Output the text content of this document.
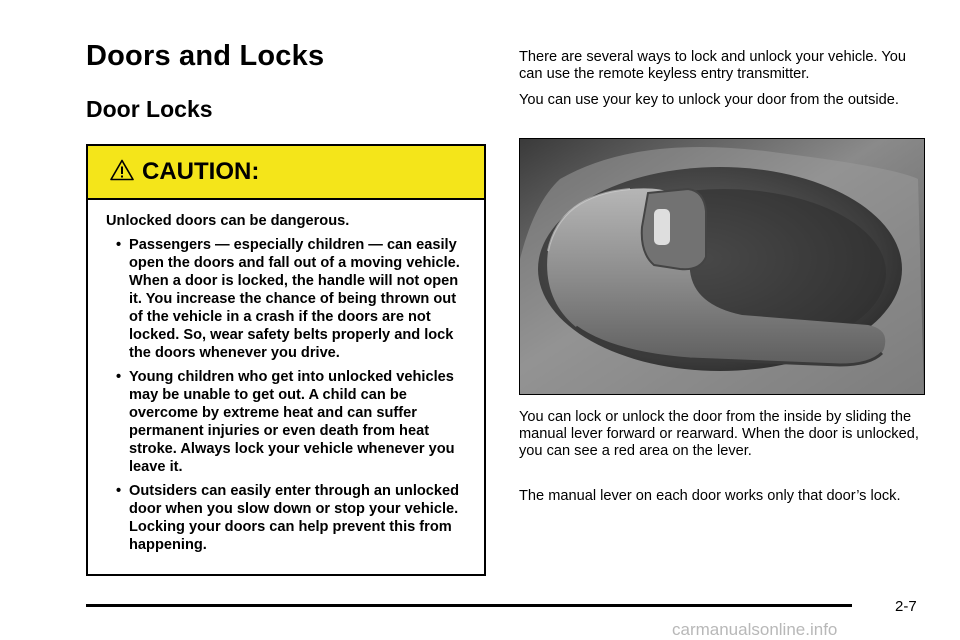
Doors and Locks
Door Locks
CAUTION:

Unlocked doors can be dangerous.

• Passengers — especially children — can easily open the doors and fall out of a moving vehicle. When a door is locked, the handle will not open it. You increase the chance of being thrown out of the vehicle in a crash if the doors are not locked. So, wear safety belts properly and lock the doors whenever you drive.
• Young children who get into unlocked vehicles may be unable to get out. A child can be overcome by extreme heat and can suffer permanent injuries or even death from heat stroke. Always lock your vehicle whenever you leave it.
• Outsiders can easily enter through an unlocked door when you slow down or stop your vehicle. Locking your doors can help prevent this from happening.

There are several ways to lock and unlock your vehicle. You can use the remote keyless entry transmitter.

You can use your key to unlock your door from the outside.

You can lock or unlock the door from the inside by sliding the manual lever forward or rearward. When the door is unlocked, you can see a red area on the lever.

The manual lever on each door works only that door’s lock.

2-7
carmanualsonline.info
